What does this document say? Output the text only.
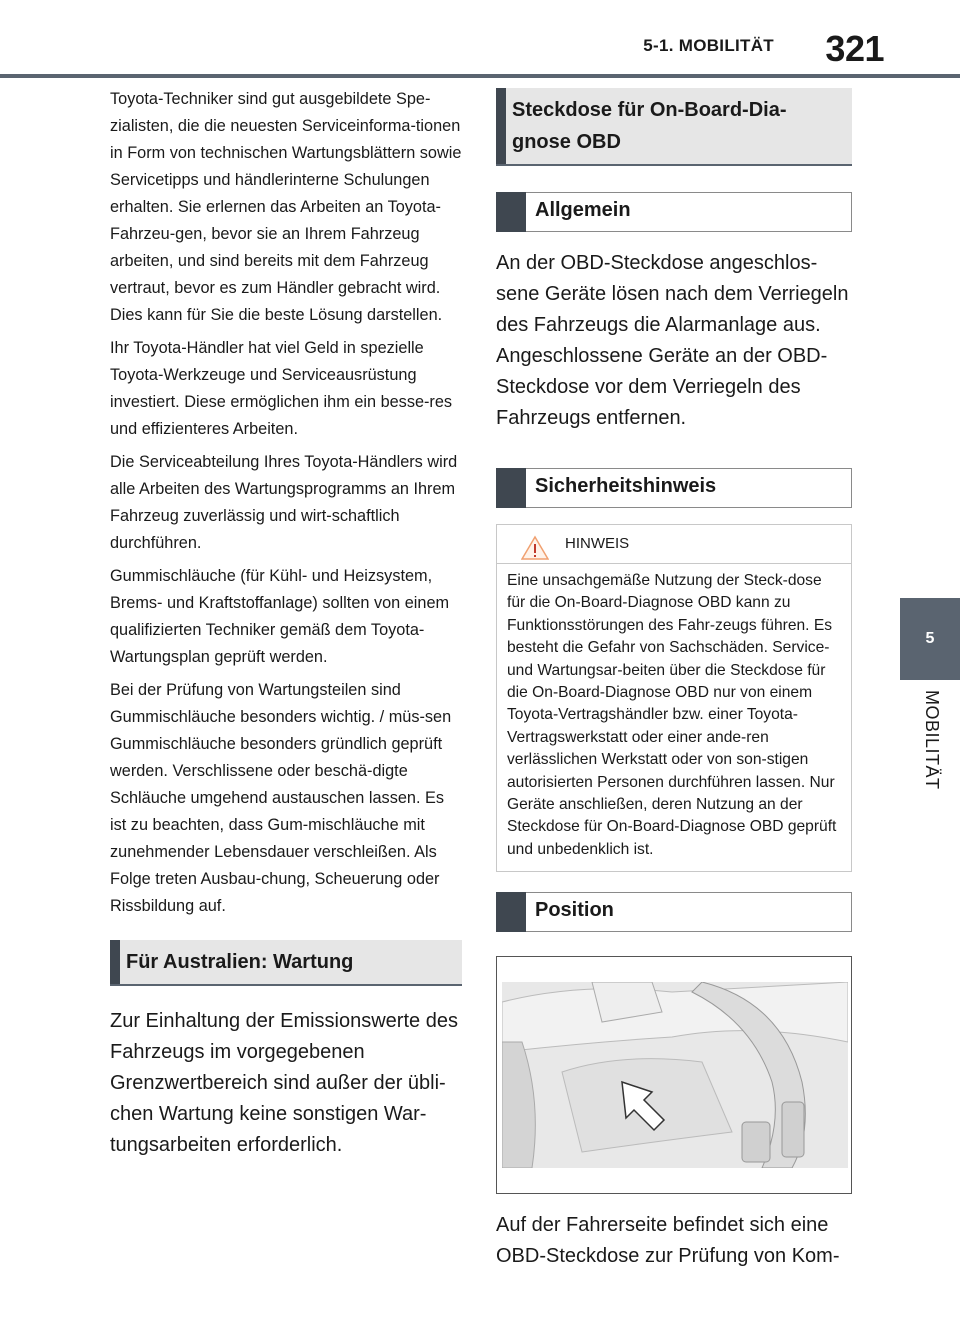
5-1. MOBILITÄT 321
5
MOBILITÄT

Toyota-Techniker sind gut ausgebildete Spe-zialisten, die die neuesten Serviceinforma-tionen in Form von technischen Wartungsblättern sowie Servicetipps und händlerinterne Schulungen erhalten. Sie erlernen das Arbeiten an Toyota-Fahrzeu-gen, bevor sie an Ihrem Fahrzeug arbeiten, und sind bereits mit dem Fahrzeug vertraut, bevor es zum Händler gebracht wird. Dies kann für Sie die beste Lösung darstellen.

Ihr Toyota-Händler hat viel Geld in spezielle Toyota-Werkzeuge und Serviceausrüstung investiert. Diese ermöglichen ihm ein besse-res und effizienteres Arbeiten.

Die Serviceabteilung Ihres Toyota-Händlers wird alle Arbeiten des Wartungsprogramms an Ihrem Fahrzeug zuverlässig und wirt-schaftlich durchführen.

Gummischläuche (für Kühl- und Heizsystem, Brems- und Kraftstoffanlage) sollten von einem qualifizierten Techniker gemäß dem Toyota-Wartungsplan geprüft werden.

Bei der Prüfung von Wartungsteilen sind Gummischläuche besonders wichtig. / müs-sen Gummischläuche besonders gründlich geprüft werden. Verschlissene oder beschä-digte Schläuche umgehend austauschen lassen. Es ist zu beachten, dass Gum-mischläuche mit zunehmender Lebensdauer verschleißen. Als Folge treten Ausbau-chung, Scheuerung oder Rissbildung auf.

Für Australien: Wartung

Zur Einhaltung der Emissionswerte des Fahrzeugs im vorgegebenen Grenzwertbereich sind außer der übli-chen Wartung keine sonstigen War-tungsarbeiten erforderlich.

Steckdose für On-Board-Dia-gnose OBD
Allgemein

An der OBD-Steckdose angeschlos-sene Geräte lösen nach dem Verriegeln des Fahrzeugs die Alarmanlage aus. Angeschlossene Geräte an der OBD-Steckdose vor dem Verriegeln des Fahrzeugs entfernen.

Sicherheitshinweis
HINWEIS
Eine unsachgemäße Nutzung der Steck-dose für die On-Board-Diagnose OBD kann zu Funktionsstörungen des Fahr-zeugs führen. Es besteht die Gefahr von Sachschäden. Service- und Wartungsar-beiten über die Steckdose für die On-Board-Diagnose OBD nur von einem Toyota-Vertragshändler bzw. einer Toyota-Vertragswerkstatt oder einer ande-ren verlässlichen Werkstatt oder von son-stigen autorisierten Personen durchführen lassen. Nur Geräte anschließen, deren Nutzung an der Steckdose für On-Board-Diagnose OBD geprüft und unbedenklich ist.
Position

Auf der Fahrerseite befindet sich eine OBD-Steckdose zur Prüfung von Kom-
